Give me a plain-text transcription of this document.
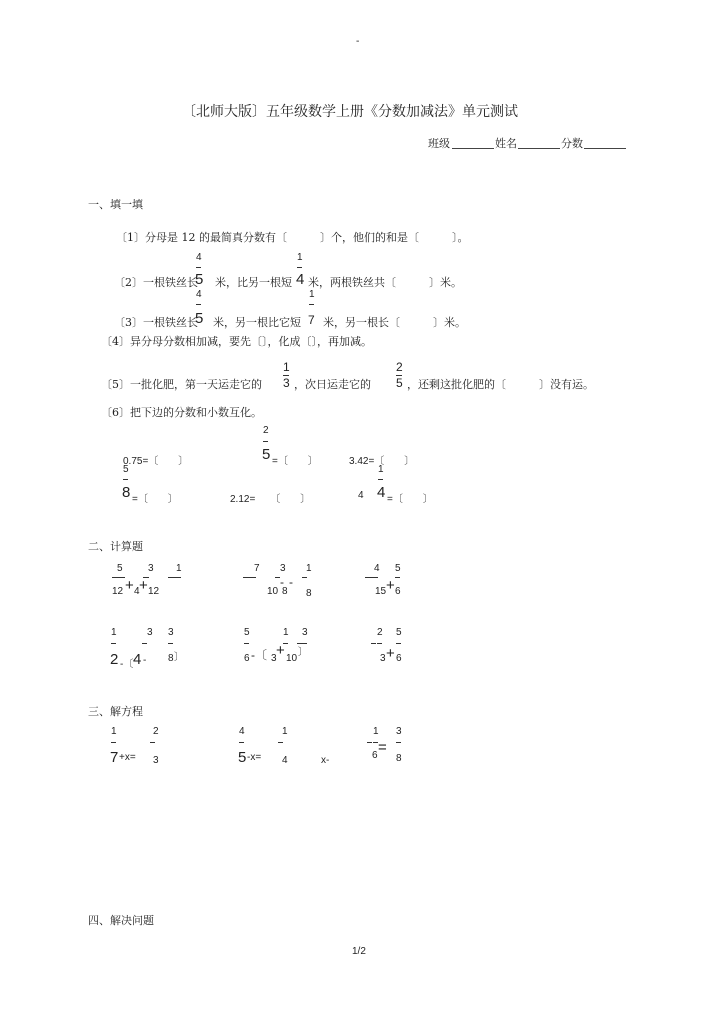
-
〔北师大版〕五年级数学上册《分数加减法》单元测试
班级	姓名	分数
一、填一填
〔1〕分母是 12 的最简真分数有〔　　　〕个，他们的和是〔　　　〕。
〔2〕一根铁丝长
4
5 米，比另一根短
1
4 米，两根铁丝共〔　　　〕米。
〔3〕一根铁丝长
4
5 米，另一根比它短
1
7 米，另一根长〔　　　〕米。
〔4〕异分母分数相加减，要先〔〕，化成〔〕，再加减。
〔5〕一批化肥，第一天运走它的
1
3 ，次日运走它的
2
5 ，还剩这批化肥的〔　　　〕没有运。
〔6〕把下边的分数和小数互化。
0.75=〔　　〕
2
5 =〔　　〕	3.42=〔　　〕
5
8 =〔　　〕	2.12=　　〔　　〕	4
1
4 =〔　　〕
二、计算题
5
12 +
3
4 +
1
12
7
10
3
-
8
-
1
8
4
15 +
5
6
1
2 -〔
3
4 -
3
8 〕
5
6 -〔
1
3 +
3
10
〕
2
3 +
5
6
三、解方程
1
7 +x=
2
3
4
5 -x=
1
4	x-
1
6 =
3
8
四、解决问题
1/2
